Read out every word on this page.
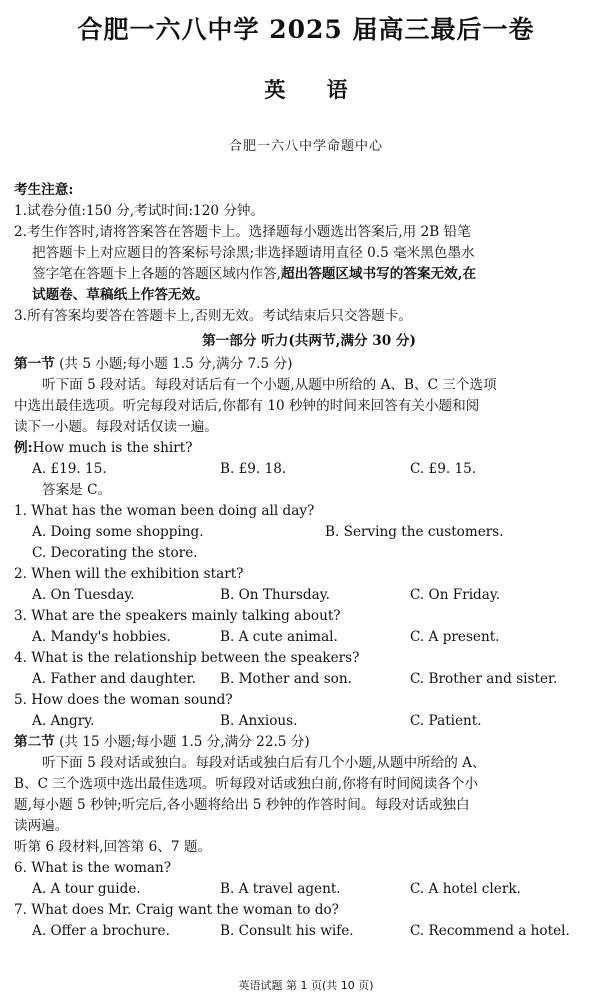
合肥一六八中学 2025 届高三最后一卷
英 语
合肥一六八中学命题中心
考生注意:
1.试卷分值:150 分,考试时间:120 分钟。
2.考生作答时,请将答案答在答题卡上。选择题每小题选出答案后,用 2B 铅笔
把答题卡上对应题目的答案标号涂黑;非选择题请用直径 0.5 毫米黑色墨水
签字笔在答题卡上各题的答题区域内作答,超出答题区域书写的答案无效,在
试题卷、草稿纸上作答无效。
3.所有答案均要答在答题卡上,否则无效。考试结束后只交答题卡。
第一部分 听力(共两节,满分 30 分)
第一节 (共 5 小题;每小题 1.5 分,满分 7.5 分)
听下面 5 段对话。每段对话后有一个小题,从题中所给的 A、B、C 三个选项
中选出最佳选项。听完每段对话后,你都有 10 秒钟的时间来回答有关小题和阅
读下一小题。每段对话仅读一遍。
例:How much is the shirt?
A. £19. 15.	B. £9. 18.	C. £9. 15.
答案是 C。
1. What has the woman been doing all day?
A. Doing some shopping.	B. Serving the customers.
C. Decorating the store.
2. When will the exhibition start?
A. On Tuesday.	B. On Thursday.	C. On Friday.
3. What are the speakers mainly talking about?
A. Mandy's hobbies.	B. A cute animal.	C. A present.
4. What is the relationship between the speakers?
A. Father and daughter.	B. Mother and son.	C. Brother and sister.
5. How does the woman sound?
A. Angry.	B. Anxious.	C. Patient.
第二节 (共 15 小题;每小题 1.5 分,满分 22.5 分)
听下面 5 段对话或独白。每段对话或独白后有几个小题,从题中所给的 A、
B、C 三个选项中选出最佳选项。听每段对话或独白前,你将有时间阅读各个小
题,每小题 5 秒钟;听完后,各小题将给出 5 秒钟的作答时间。每段对话或独白
读两遍。
听第 6 段材料,回答第 6、7 题。
6. What is the woman?
A. A tour guide.	B. A travel agent.	C. A hotel clerk.
7. What does Mr. Craig want the woman to do?
A. Offer a brochure.	B. Consult his wife.	C. Recommend a hotel.
英语试题 第 1 页(共 10 页)
